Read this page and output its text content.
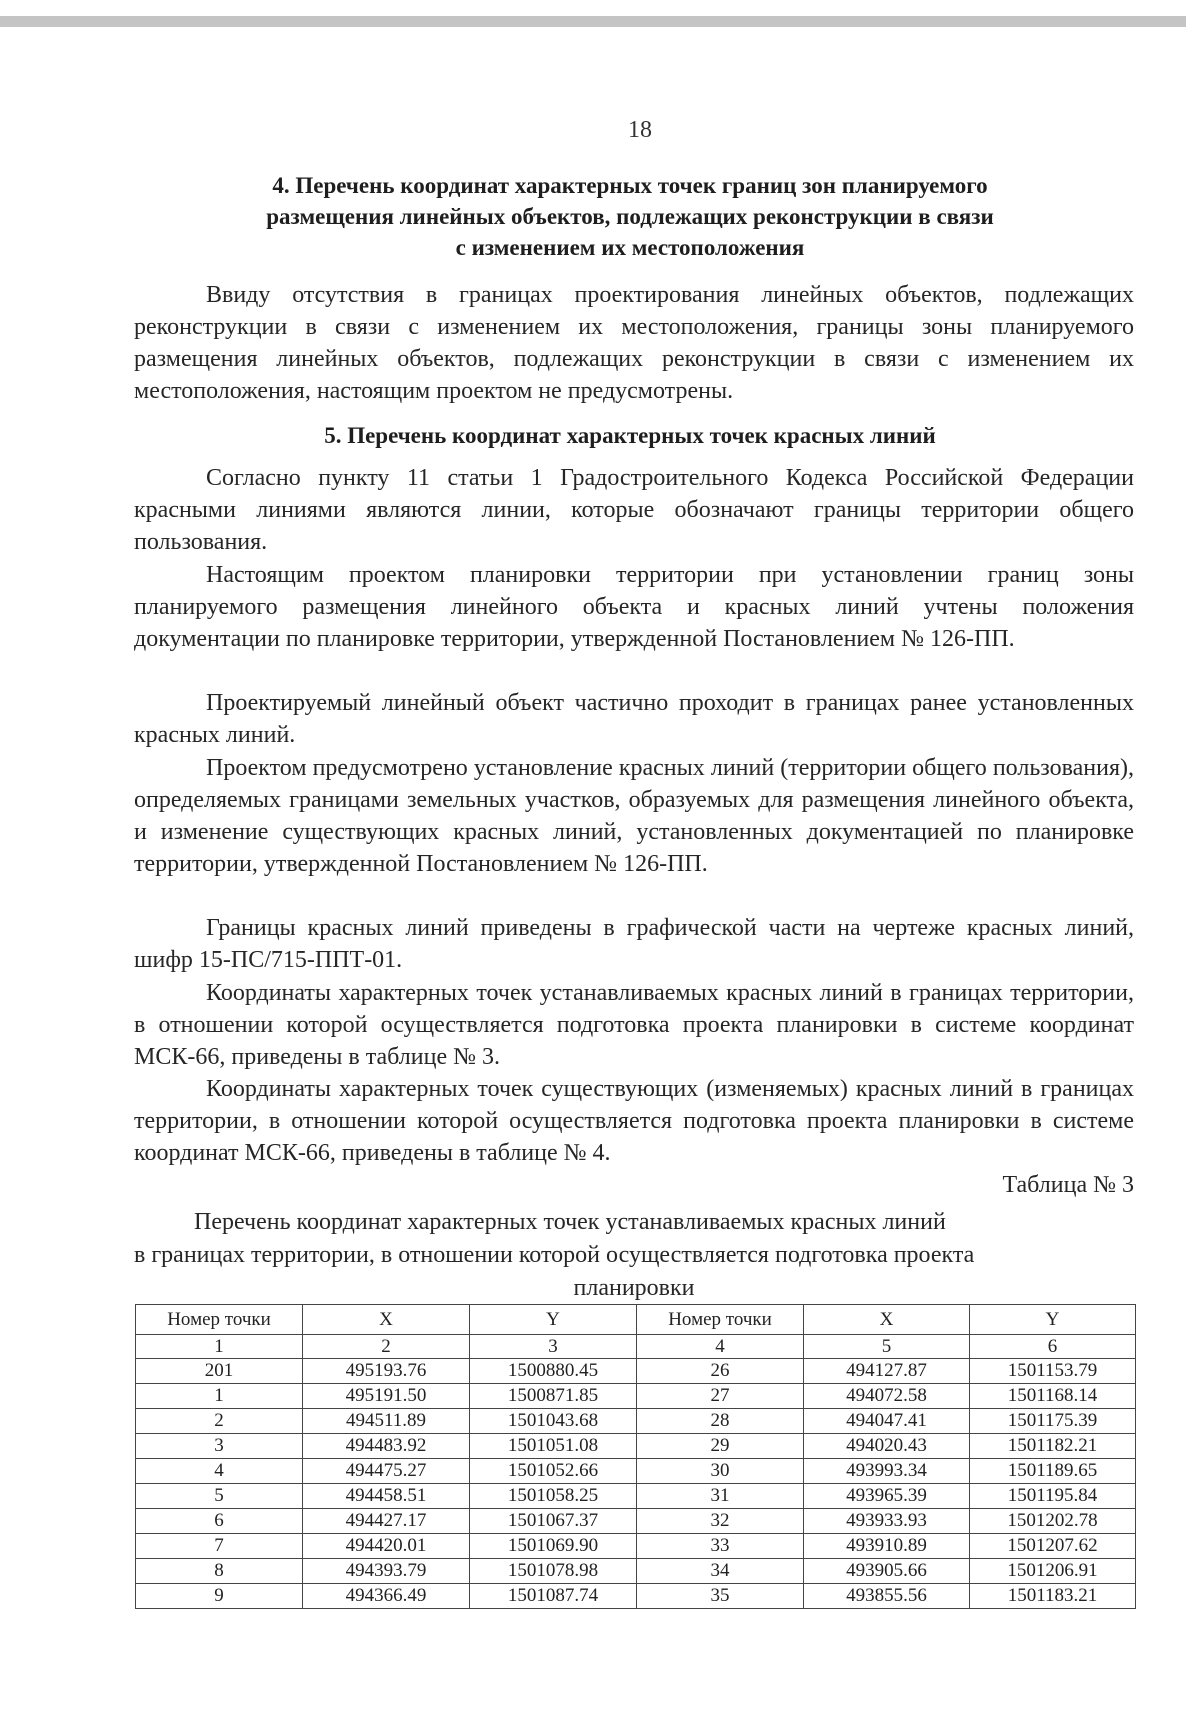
18
4. Перечень координат характерных точек границ зон планируемого
размещения линейных объектов, подлежащих реконструкции в связи
с изменением их местоположения
Ввиду отсутствия в границах проектирования линейных объектов, подлежащих реконструкции в связи с изменением их местоположения, границы зоны планируемого размещения линейных объектов, подлежащих реконструкции в связи с изменением их местоположения, настоящим проектом не предусмотрены.
5. Перечень координат характерных точек красных линий
Согласно пункту 11 статьи 1 Градостроительного Кодекса Российской Федерации красными линиями являются линии, которые обозначают границы территории общего пользования.
Настоящим проектом планировки территории при установлении границ зоны планируемого размещения линейного объекта и красных линий учтены положения документации по планировке территории, утвержденной Постановлением № 126-ПП.
Проектируемый линейный объект частично проходит в границах ранее установленных красных линий.
Проектом предусмотрено установление красных линий (территории общего пользования), определяемых границами земельных участков, образуемых для размещения линейного объекта, и изменение существующих красных линий, установленных документацией по планировке территории, утвержденной Постановлением № 126-ПП.
Границы красных линий приведены в графической части на чертеже красных линий, шифр 15-ПС/715-ППТ-01.
Координаты характерных точек устанавливаемых красных линий в границах территории, в отношении которой осуществляется подготовка проекта планировки в системе координат МСК-66, приведены в таблице № 3.
Координаты характерных точек существующих (изменяемых) красных линий в границах территории, в отношении которой осуществляется подготовка проекта планировки в системе координат МСК-66, приведены в таблице № 4.
Таблица № 3
Перечень координат характерных точек устанавливаемых красных линий
в границах территории, в отношении которой осуществляется подготовка проекта
планировки
Номер точки	X	Y	Номер точки	X	Y
1	2	3	4	5	6
201	495193.76	1500880.45	26	494127.87	1501153.79
1	495191.50	1500871.85	27	494072.58	1501168.14
2	494511.89	1501043.68	28	494047.41	1501175.39
3	494483.92	1501051.08	29	494020.43	1501182.21
4	494475.27	1501052.66	30	493993.34	1501189.65
5	494458.51	1501058.25	31	493965.39	1501195.84
6	494427.17	1501067.37	32	493933.93	1501202.78
7	494420.01	1501069.90	33	493910.89	1501207.62
8	494393.79	1501078.98	34	493905.66	1501206.91
9	494366.49	1501087.74	35	493855.56	1501183.21
